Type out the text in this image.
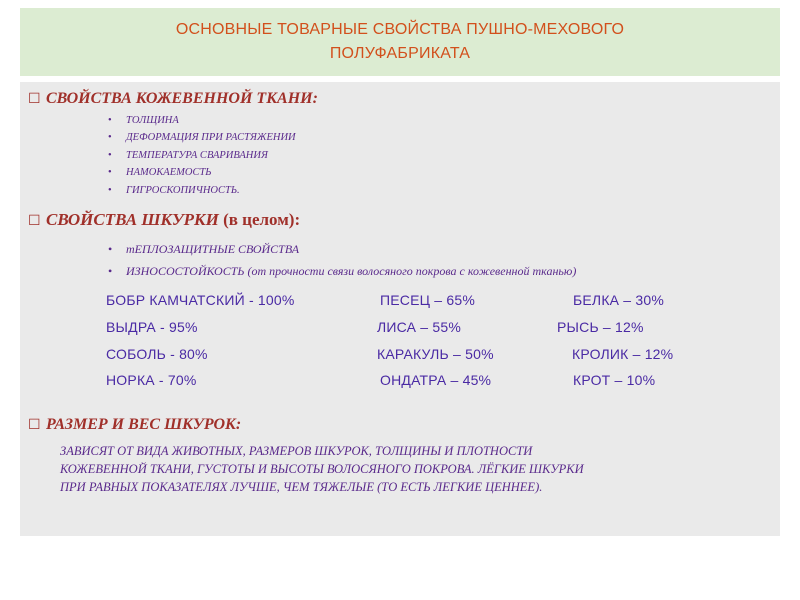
ОСНОВНЫЕ ТОВАРНЫЕ СВОЙСТВА ПУШНО-МЕХОВОГО
ПОЛУФАБРИКАТА
☐ СВОЙСТВА КОЖЕВЕННОЙ ТКАНИ:
• ТОЛЩИНА
• ДЕФОРМАЦИЯ ПРИ РАСТЯЖЕНИИ
• ТЕМПЕРАТУРА СВАРИВАНИЯ
• НАМОКАЕМОСТЬ
• ГИГРОСКОПИЧНОСТЬ.
☐ СВОЙСТВА ШКУРКИ (в целом):
• тЕПЛОЗАЩИТНЫЕ СВОЙСТВА
• ИЗНОСОСТОЙКОСТЬ (от прочности связи волосяного покрова с кожевенной тканью)
БОБР КАМЧАТСКИЙ - 100%	ПЕСЕЦ – 65%	БЕЛКА – 30%
ВЫДРА - 95%	ЛИСА – 55%	РЫСЬ – 12%
СОБОЛЬ - 80%	КАРАКУЛЬ – 50%	КРОЛИК – 12%
НОРКА - 70%	ОНДАТРА – 45%	КРОТ – 10%
☐ РАЗМЕР И ВЕС ШКУРОК:
ЗАВИСЯТ ОТ ВИДА ЖИВОТНЫХ, РАЗМЕРОВ ШКУРОК, ТОЛЩИНЫ И ПЛОТНОСТИ
КОЖЕВЕННОЙ ТКАНИ, ГУСТОТЫ И ВЫСОТЫ ВОЛОСЯНОГО ПОКРОВА. ЛЁГКИЕ ШКУРКИ
ПРИ РАВНЫХ ПОКАЗАТЕЛЯХ ЛУЧШЕ, ЧЕМ ТЯЖЕЛЫЕ (ТО ЕСТЬ ЛЕГКИЕ ЦЕННЕЕ).
